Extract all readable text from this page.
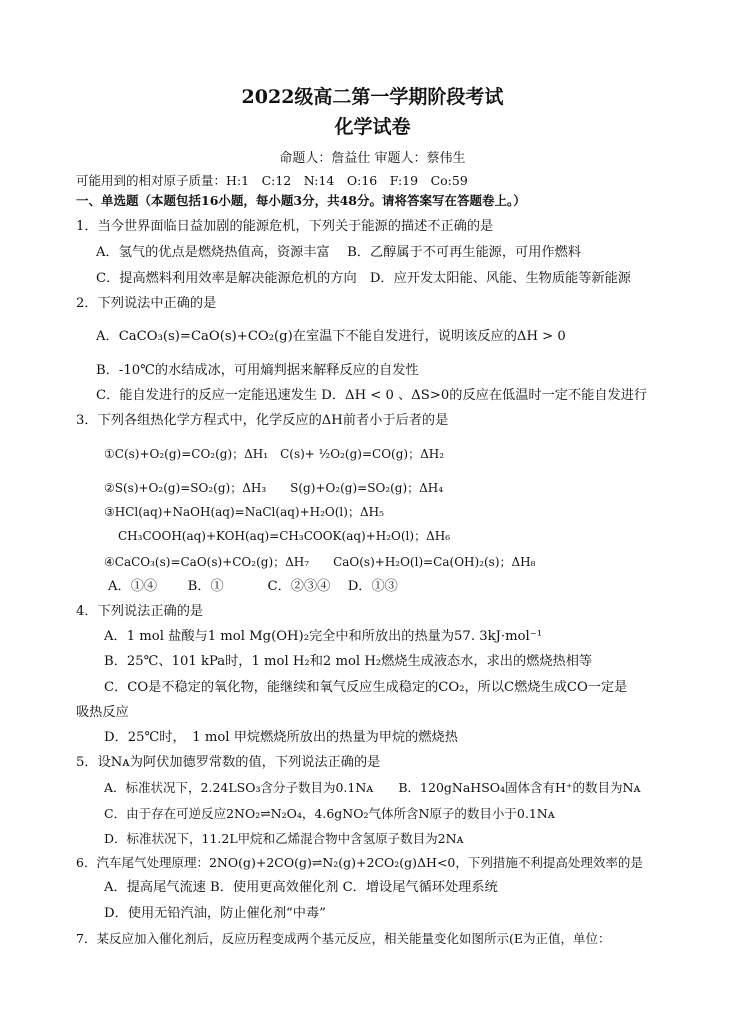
2022级高二第一学期阶段考试
化学试卷
命题人：詹益仕 审题人：蔡伟生
可能用到的相对原子质量：H:1　C:12　N:14　O:16　F:19　Co:59
一、单选题（本题包括16小题，每小题3分，共48分。请将答案写在答题卷上。）
1．当今世界面临日益加剧的能源危机，下列关于能源的描述不正确的是
A．氢气的优点是燃烧热值高，资源丰富　 B．乙醇属于不可再生能源，可用作燃料
C．提高燃料利用效率是解决能源危机的方向　D．应开发太阳能、风能、生物质能等新能源
2．下列说法中正确的是
A．CaCO₃(s)=CaO(s)+CO₂(g)在室温下不能自发进行，说明该反应的ΔH > 0
B．-10℃的水结成冰，可用熵判据来解释反应的自发性
C．能自发进行的反应一定能迅速发生 D．ΔH < 0 、ΔS>0的反应在低温时一定不能自发进行
3．下列各组热化学方程式中，化学反应的ΔH前者小于后者的是
①C(s)+O₂(g)=CO₂(g)；ΔH₁　C(s)+ ½O₂(g)=CO(g)；ΔH₂
②S(s)+O₂(g)=SO₂(g)；ΔH₃　　S(g)+O₂(g)=SO₂(g)；ΔH₄
③HCl(aq)+NaOH(aq)=NaCl(aq)+H₂O(l)；ΔH₅
CH₃COOH(aq)+KOH(aq)=CH₃COOK(aq)+H₂O(l)；ΔH₆
④CaCO₃(s)=CaO(s)+CO₂(g)；ΔH₇　　CaO(s)+H₂O(l)=Ca(OH)₂(s)；ΔH₈
A．①④　　 B．①　　　 C．②③④　 D．①③
4．下列说法正确的是
A．1 mol 盐酸与1 mol Mg(OH)₂完全中和所放出的热量为57. 3kJ·mol⁻¹
B．25℃、101 kPa时，1 mol H₂和2 mol H₂燃烧生成液态水，求出的燃烧热相等
C．CO是不稳定的氧化物，能继续和氧气反应生成稳定的CO₂，所以C燃烧生成CO一定是
吸热反应
D．25℃时，　1 mol 甲烷燃烧所放出的热量为甲烷的燃烧热
5．设Nᴀ为阿伏加德罗常数的值，下列说法正确的是
A．标准状况下，2.24LSO₃含分子数目为0.1Nᴀ　　B．120gNaHSO₄固体含有H⁺的数目为Nᴀ
C．由于存在可逆反应2NO₂⇌N₂O₄，4.6gNO₂气体所含N原子的数目小于0.1Nᴀ
D．标准状况下，11.2L甲烷和乙烯混合物中含氢原子数目为2Nᴀ
6．汽车尾气处理原理：2NO(g)+2CO(g)⇌N₂(g)+2CO₂(g)ΔH<0，下列措施不利提高处理效率的是
A．提高尾气流速 B．使用更高效催化剂 C．增设尾气循环处理系统
D．使用无铅汽油，防止催化剂“中毒”
7．某反应加入催化剂后，反应历程变成两个基元反应，相关能量变化如图所示(E为正值，单位：
